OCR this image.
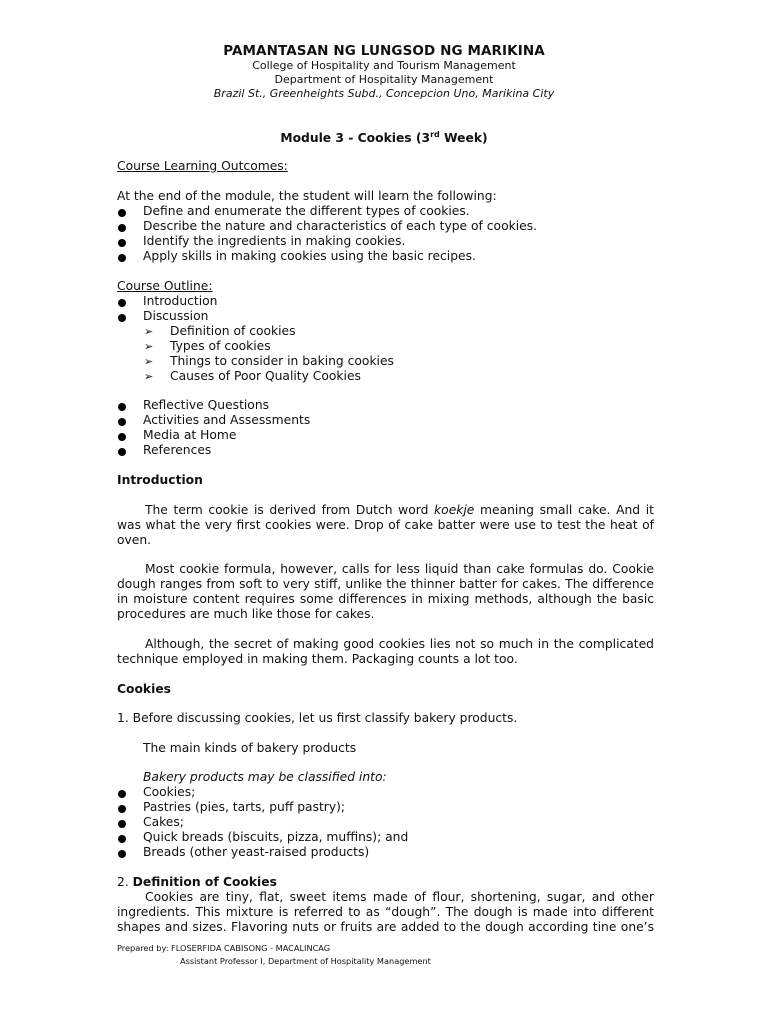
PAMANTASAN NG LUNGSOD NG MARIKINA
College of Hospitality and Tourism Management
Department of Hospitality Management
Brazil St., Greenheights Subd., Concepcion Uno, Marikina City
Module 3 - Cookies (3rd Week)
Course Learning Outcomes:
At the end of the module, the student will learn the following:
Define and enumerate the different types of cookies.
Describe the nature and characteristics of each type of cookies.
Identify the ingredients in making cookies.
Apply skills in making cookies using the basic recipes.
Course Outline:
Introduction
Discussion
➢ Definition of cookies
➢ Types of cookies
➢ Things to consider in baking cookies
➢ Causes of Poor Quality Cookies
Reflective Questions
Activities and Assessments
Media at Home
References
Introduction
The term cookie is derived from Dutch word koekje meaning small cake. And it
was what the very first cookies were. Drop of cake batter were use to test the heat of
oven.
Most cookie formula, however, calls for less liquid than cake formulas do. Cookie
dough ranges from soft to very stiff, unlike the thinner batter for cakes. The difference
in moisture content requires some differences in mixing methods, although the basic
procedures are much like those for cakes.
Although, the secret of making good cookies lies not so much in the complicated
technique employed in making them. Packaging counts a lot too.
Cookies
1. Before discussing cookies, let us first classify bakery products.
The main kinds of bakery products
Bakery products may be classified into:
Cookies;
Pastries (pies, tarts, puff pastry);
Cakes;
Quick breads (biscuits, pizza, muffins); and
Breads (other yeast-raised products)
2. Definition of Cookies
Cookies are tiny, flat, sweet items made of flour, shortening, sugar, and other
ingredients. This mixture is referred to as “dough”. The dough is made into different
shapes and sizes. Flavoring nuts or fruits are added to the dough according tine one’s
Prepared by: FLOSERFIDA CABISONG - MACALINCAG
Assistant Professor I, Department of Hospitality Management
